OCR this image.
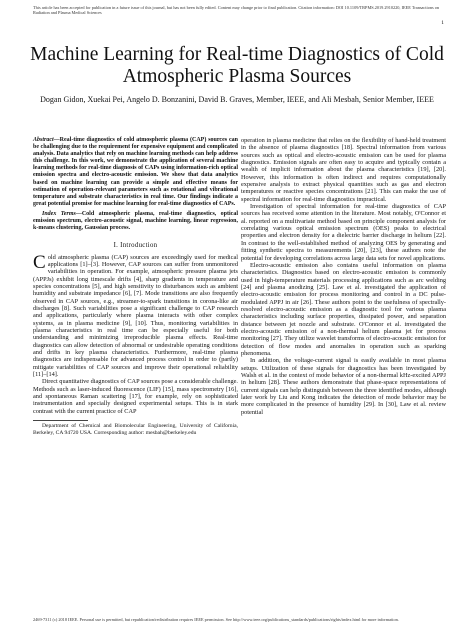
This article has been accepted for publication in a future issue of this journal, but has not been fully edited. Content may change prior to final publication. Citation information: DOI 10.1109/TRPMS.2019.2910220, IEEE Transactions on Radiation and Plasma Medical Sciences
1
Machine Learning for Real-time Diagnostics of Cold Atmospheric Plasma Sources
Dogan Gidon, Xuekai Pei, Angelo D. Bonzanini, David B. Graves, Member, IEEE, and Ali Mesbah, Senior Member, IEEE

Abstract—Real-time diagnostics of cold atmospheric plasma (CAP) sources can be challenging due to the requirement for expensive equipment and complicated analysis. Data analytics that rely on machine learning methods can help address this challenge. In this work, we demonstrate the application of several machine learning methods for real-time diagnosis of CAPs using information-rich optical emission spectra and electro-acoustic emission. We show that data analytics based on machine learning can provide a simple and effective means for estimation of operation-relevant parameters such as rotational and vibrational temperature and substrate characteristics in real time. Our findings indicate a great potential promise for machine learning for real-time diagnostics of CAPs.

Index Terms—Cold atmospheric plasma, real-time diagnostics, optical emission spectrum, electro-acoustic signal, machine learning, linear regression, k-means clustering, Gaussian process.

I. Introduction

Cold atmospheric plasma (CAP) sources are exceedingly used for medical applications [1]–[3]. However, CAP sources can suffer from unmonitored variabilities in operation. For example, atmospheric pressure plasma jets (APPJs) exhibit long timescale drifts [4], sharp gradients in temperature and species concentrations [5], and high sensitivity to disturbances such as ambient humidity and substrate impedance [6], [7]. Mode transitions are also frequently observed in CAP sources, e.g., streamer-to-spark transitions in corona-like air discharges [8]. Such variabilities pose a significant challenge to CAP research and applications, particularly where plasma interacts with other complex systems, as in plasma medicine [9], [10]. Thus, monitoring variabilities in plasma characteristics in real time can be especially useful for both understanding and minimizing irreproducible plasma effects. Real-time diagnostics can allow detection of abnormal or undesirable operating conditions and drifts in key plasma characteristics. Furthermore, real-time plasma diagnostics are indispensable for advanced process control in order to (partly) mitigate variabilities of CAP sources and improve their operational reliability [11]–[14].

Direct quantitative diagnostics of CAP sources pose a considerable challenge. Methods such as laser-induced fluorescence (LIF) [15], mass spectrometry [16], and spontaneous Raman scattering [17], for example, rely on sophisticated instrumentation and specially designed experimental setups. This is in stark contrast with the current practice of CAP

Department of Chemical and Biomolecular Engineering, University of California, Berkeley, CA 94720 USA. Corresponding author: mesbah@berkeley.edu

operation in plasma medicine that relies on the flexibility of hand-held treatment in the absence of plasma diagnostics [18]. Spectral information from various sources such as optical and electro-acoustic emission can be used for plasma diagnostics. Emission signals are often easy to acquire and typically contain a wealth of implicit information about the plasma characteristics [19], [20]. However, this information is often indirect and requires computationally expensive analysis to extract physical quantities such as gas and electron temperatures or reactive species concentrations [21]. This can make the use of spectral information for real-time diagnostics impractical.

Investigation of spectral information for real-time diagnostics of CAP sources has received some attention in the literature. Most notably, O'Connor et al. reported on a multivariate method based on principle component analysis for correlating various optical emission spectrum (OES) peaks to electrical properties and electron density for a dielectric barrier discharge in helium [22]. In contrast to the well-established method of analyzing OES by generating and fitting synthetic spectra to measurements [20], [23], these authors note the potential for developing correlations across large data sets for novel applications.

Electro-acoustic emission also contains useful information on plasma characteristics. Diagnostics based on electro-acoustic emission is commonly used in high-temperature materials processing applications such as arc welding [24] and plasma anodizing [25]. Law et al. investigated the application of electro-acoustic emission for process monitoring and control in a DC pulse-modulated APPJ in air [26]. These authors point to the usefulness of spectrally-resolved electro-acoustic emission as a diagnostic tool for various plasma characteristics including surface properties, dissipated power, and separation distance between jet nozzle and substrate. O'Connor et al. investigated the electro-acoustic emission of a non-thermal helium plasma jet for process monitoring [27]. They utilize wavelet transforms of electro-acoustic emission for detection of flow modes and anomalies in operation such as sparking phenomena.

In addition, the voltage-current signal is easily available in most plasma setups. Utilization of these signals for diagnostics has been investigated by Walsh et al. in the context of mode behavior of a non-thermal kHz-excited APPJ in helium [28]. These authors demonstrate that phase-space representations of current signals can help distinguish between the three identified modes, although later work by Liu and Kong indicates the detection of mode behavior may be more complicated in the presence of humidity [29]. In [30], Law et al. review potential

2469-7311 (c) 2018 IEEE. Personal use is permitted, but republication/redistribution requires IEEE permission. See http://www.ieee.org/publications_standards/publications/rights/index.html for more information.
